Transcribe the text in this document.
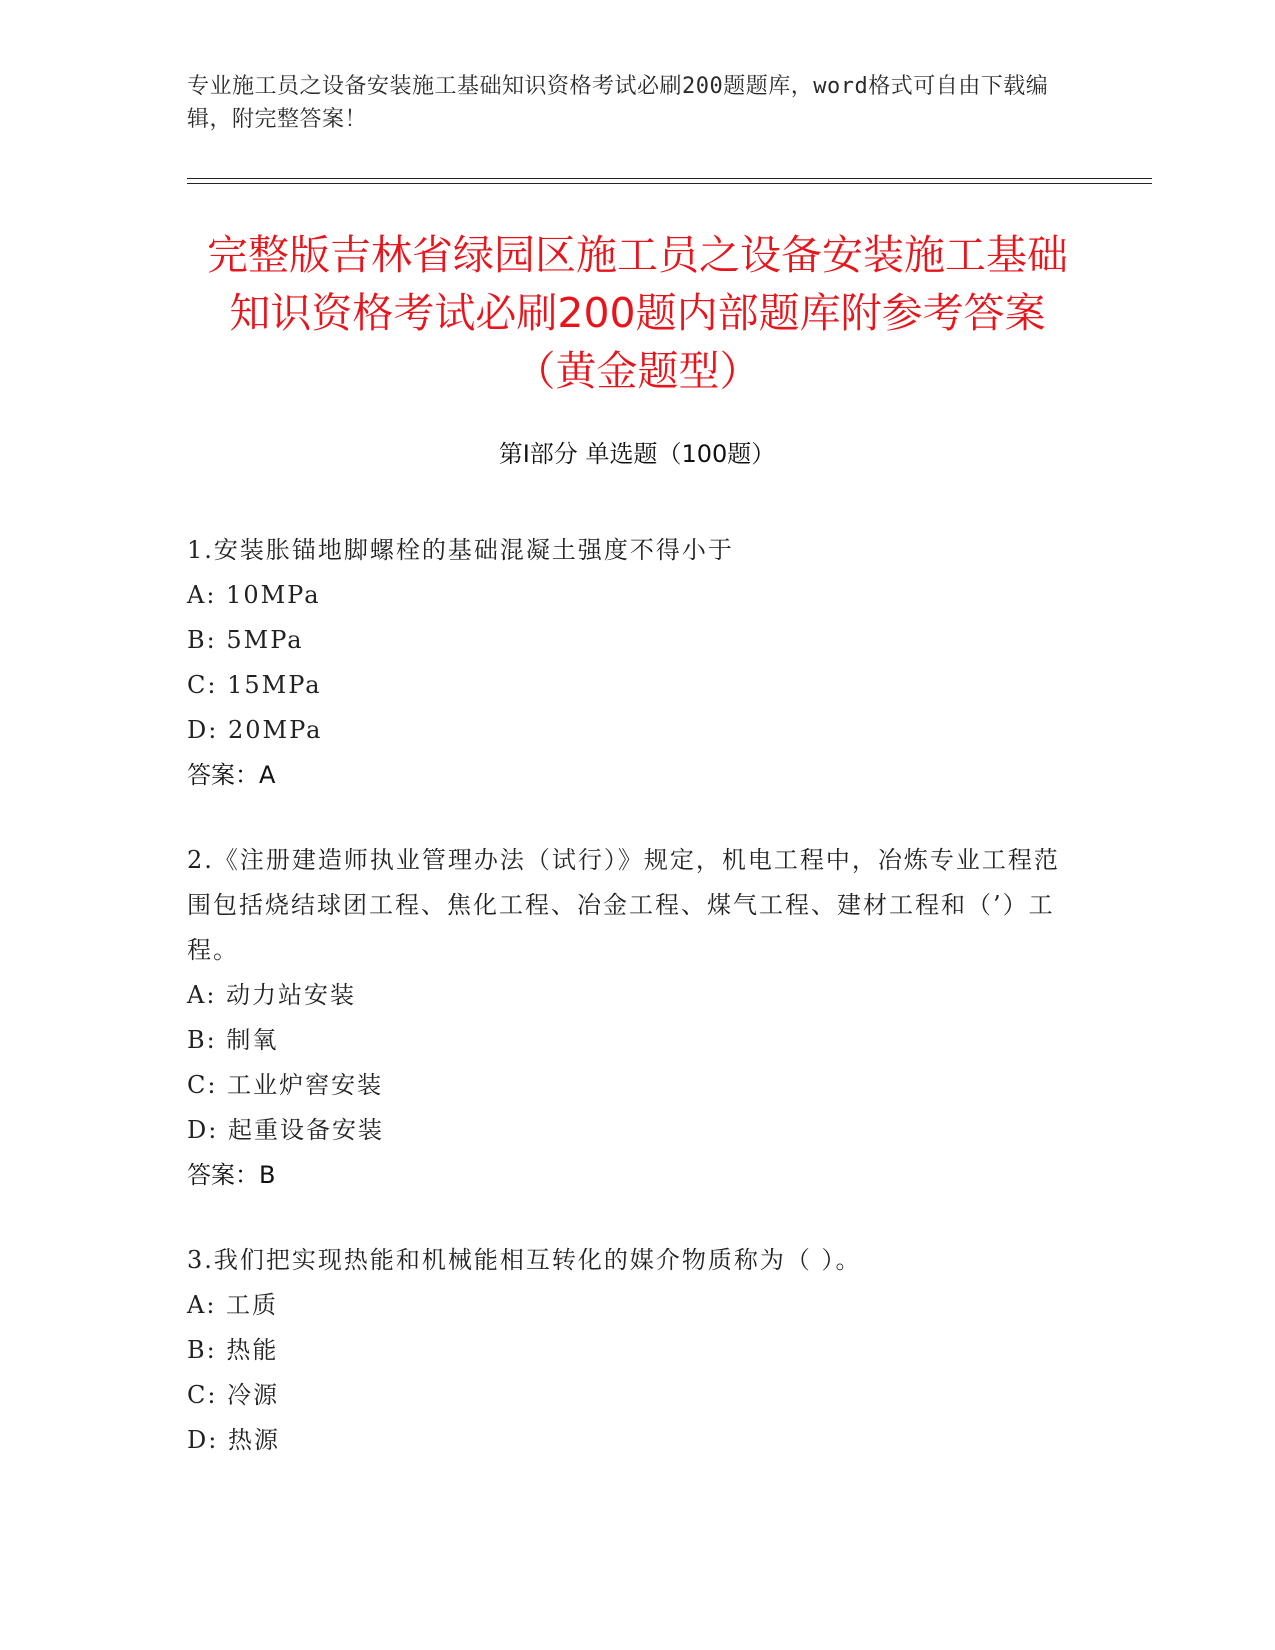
专业施工员之设备安装施工基础知识资格考试必刷200题题库，word格式可自由下载编辑，附完整答案！
完整版吉林省绿园区施工员之设备安装施工基础知识资格考试必刷200题内部题库附参考答案（黄金题型）
第Ⅰ部分 单选题（100题）

1.安装胀锚地脚螺栓的基础混凝土强度不得小于

A: 10MPa

B: 5MPa

C: 15MPa

D: 20MPa

答案：A

2.《注册建造师执业管理办法（试行）》规定，机电工程中，冶炼专业工程范围包括烧结球团工程、焦化工程、冶金工程、煤气工程、建材工程和（’）工程。

A: 动力站安装

B: 制氧

C: 工业炉窖安装

D: 起重设备安装

答案：B

3.我们把实现热能和机械能相互转化的媒介物质称为（ ）。

A: 工质

B: 热能

C: 冷源

D: 热源
